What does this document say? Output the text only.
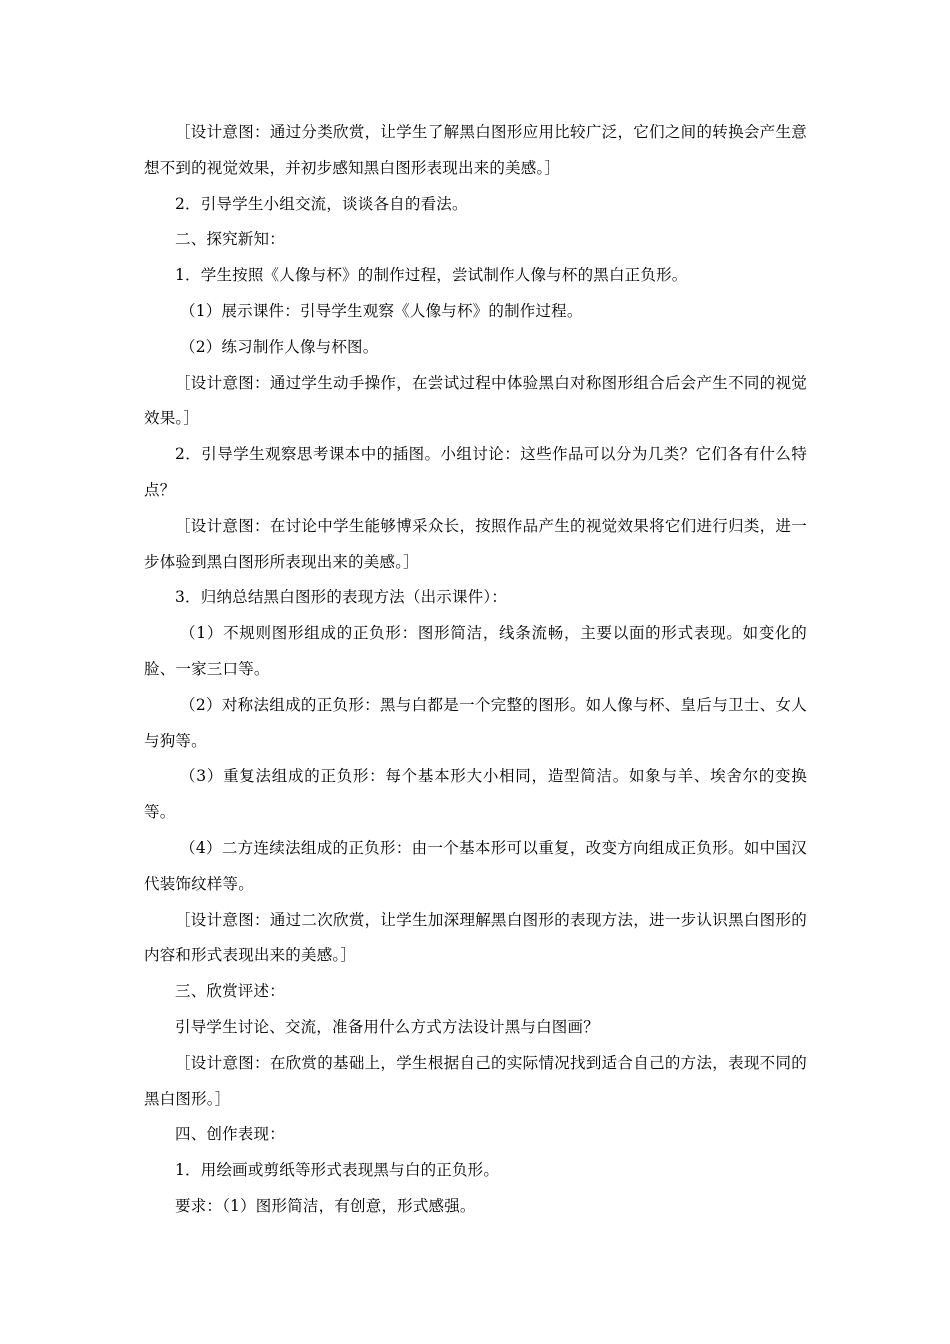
［设计意图：通过分类欣赏，让学生了解黑白图形应用比较广泛，它们之间的转换会产生意想不到的视觉效果，并初步感知黑白图形表现出来的美感。］

2．引导学生小组交流，谈谈各自的看法。

二、探究新知：

1．学生按照《人像与杯》的制作过程，尝试制作人像与杯的黑白正负形。

（1）展示课件：引导学生观察《人像与杯》的制作过程。

（2）练习制作人像与杯图。

［设计意图：通过学生动手操作，在尝试过程中体验黑白对称图形组合后会产生不同的视觉效果。］

2．引导学生观察思考课本中的插图。小组讨论：这些作品可以分为几类？它们各有什么特点？

［设计意图：在讨论中学生能够博采众长，按照作品产生的视觉效果将它们进行归类，进一步体验到黑白图形所表现出来的美感。］

3．归纳总结黑白图形的表现方法（出示课件）：

（1）不规则图形组成的正负形：图形简洁，线条流畅，主要以面的形式表现。如变化的脸、一家三口等。

（2）对称法组成的正负形：黑与白都是一个完整的图形。如人像与杯、皇后与卫士、女人与狗等。

（3）重复法组成的正负形：每个基本形大小相同，造型简洁。如象与羊、埃舍尔的变换等。

（4）二方连续法组成的正负形：由一个基本形可以重复，改变方向组成正负形。如中国汉代装饰纹样等。

［设计意图：通过二次欣赏，让学生加深理解黑白图形的表现方法，进一步认识黑白图形的内容和形式表现出来的美感。］

三、欣赏评述：

引导学生讨论、交流，准备用什么方式方法设计黑与白图画？

［设计意图：在欣赏的基础上，学生根据自己的实际情况找到适合自己的方法，表现不同的黑白图形。］

四、创作表现：

1．用绘画或剪纸等形式表现黑与白的正负形。

要求：（1）图形简洁，有创意，形式感强。
